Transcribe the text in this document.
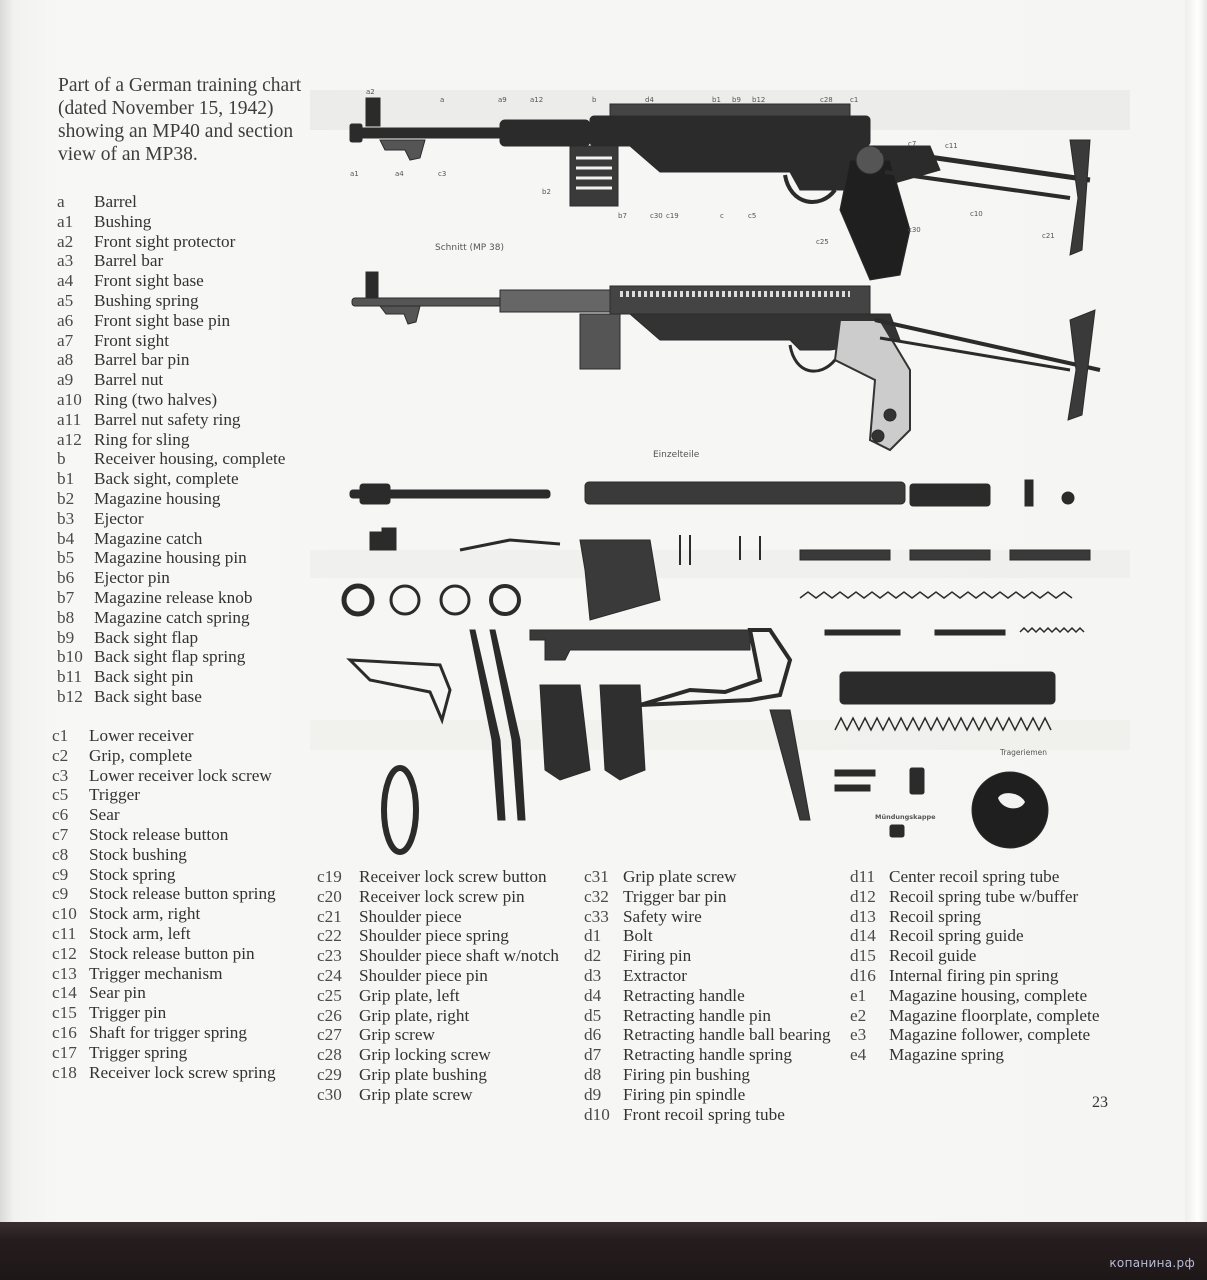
Part of a German training chart (dated November 15, 1942) showing an MP40 and section view of an MP38.
Schnitt (MP 38)
Einzelteile
Trageriemen
Mündungskappe
a2
a	a9	a12	b	d4	b1 b9 b12	c28 c1
c7	c11
a1	a4	c3
b2
b7	c30 c19	c	c5	c10
c30
c25
c21
a	Barrel
a1	Bushing
a2	Front sight protector
a3	Barrel bar
a4	Front sight base
a5	Bushing spring
a6	Front sight base pin
a7	Front sight
a8	Barrel bar pin
a9	Barrel nut
a10 Ring (two halves)
a11 Barrel nut safety ring
a12 Ring for sling
b	Receiver housing, complete
b1	Back sight, complete
b2	Magazine housing
b3	Ejector
b4	Magazine catch
b5	Magazine housing pin
b6	Ejector pin
b7	Magazine release knob
b8	Magazine catch spring
b9	Back sight flap
b10 Back sight flap spring
b11 Back sight pin
b12 Back sight base
c1	Lower receiver
c2	Grip, complete
c3	Lower receiver lock screw
c5	Trigger
c6	Sear
c7	Stock release button
c8	Stock bushing
c9	Stock spring
c9	Stock release button spring
c10 Stock arm, right
c11 Stock arm, left
c12 Stock release button pin
c13 Trigger mechanism
c14 Sear pin
c15 Trigger pin
c16 Shaft for trigger spring
c17 Trigger spring
c18 Receiver lock screw spring
c19 Receiver lock screw button
c20 Receiver lock screw pin
c21 Shoulder piece
c22 Shoulder piece spring
c23 Shoulder piece shaft w/notch
c24 Shoulder piece pin
c25 Grip plate, left
c26 Grip plate, right
c27 Grip screw
c28 Grip locking screw
c29 Grip plate bushing
c30 Grip plate screw
c31 Grip plate screw
c32 Trigger bar pin
c33 Safety wire
d1	Bolt
d2	Firing pin
d3	Extractor
d4	Retracting handle
d5	Retracting handle pin
d6	Retracting handle ball bearing
d7	Retracting handle spring
d8	Firing pin bushing
d9	Firing pin spindle
d10 Front recoil spring tube
d11 Center recoil spring tube
d12 Recoil spring tube w/buffer
d13 Recoil spring
d14 Recoil spring guide
d15 Recoil guide
d16 Internal firing pin spring
e1	Magazine housing, complete
e2	Magazine floorplate, complete
e3	Magazine follower, complete
e4	Magazine spring
23
копанина.рф
